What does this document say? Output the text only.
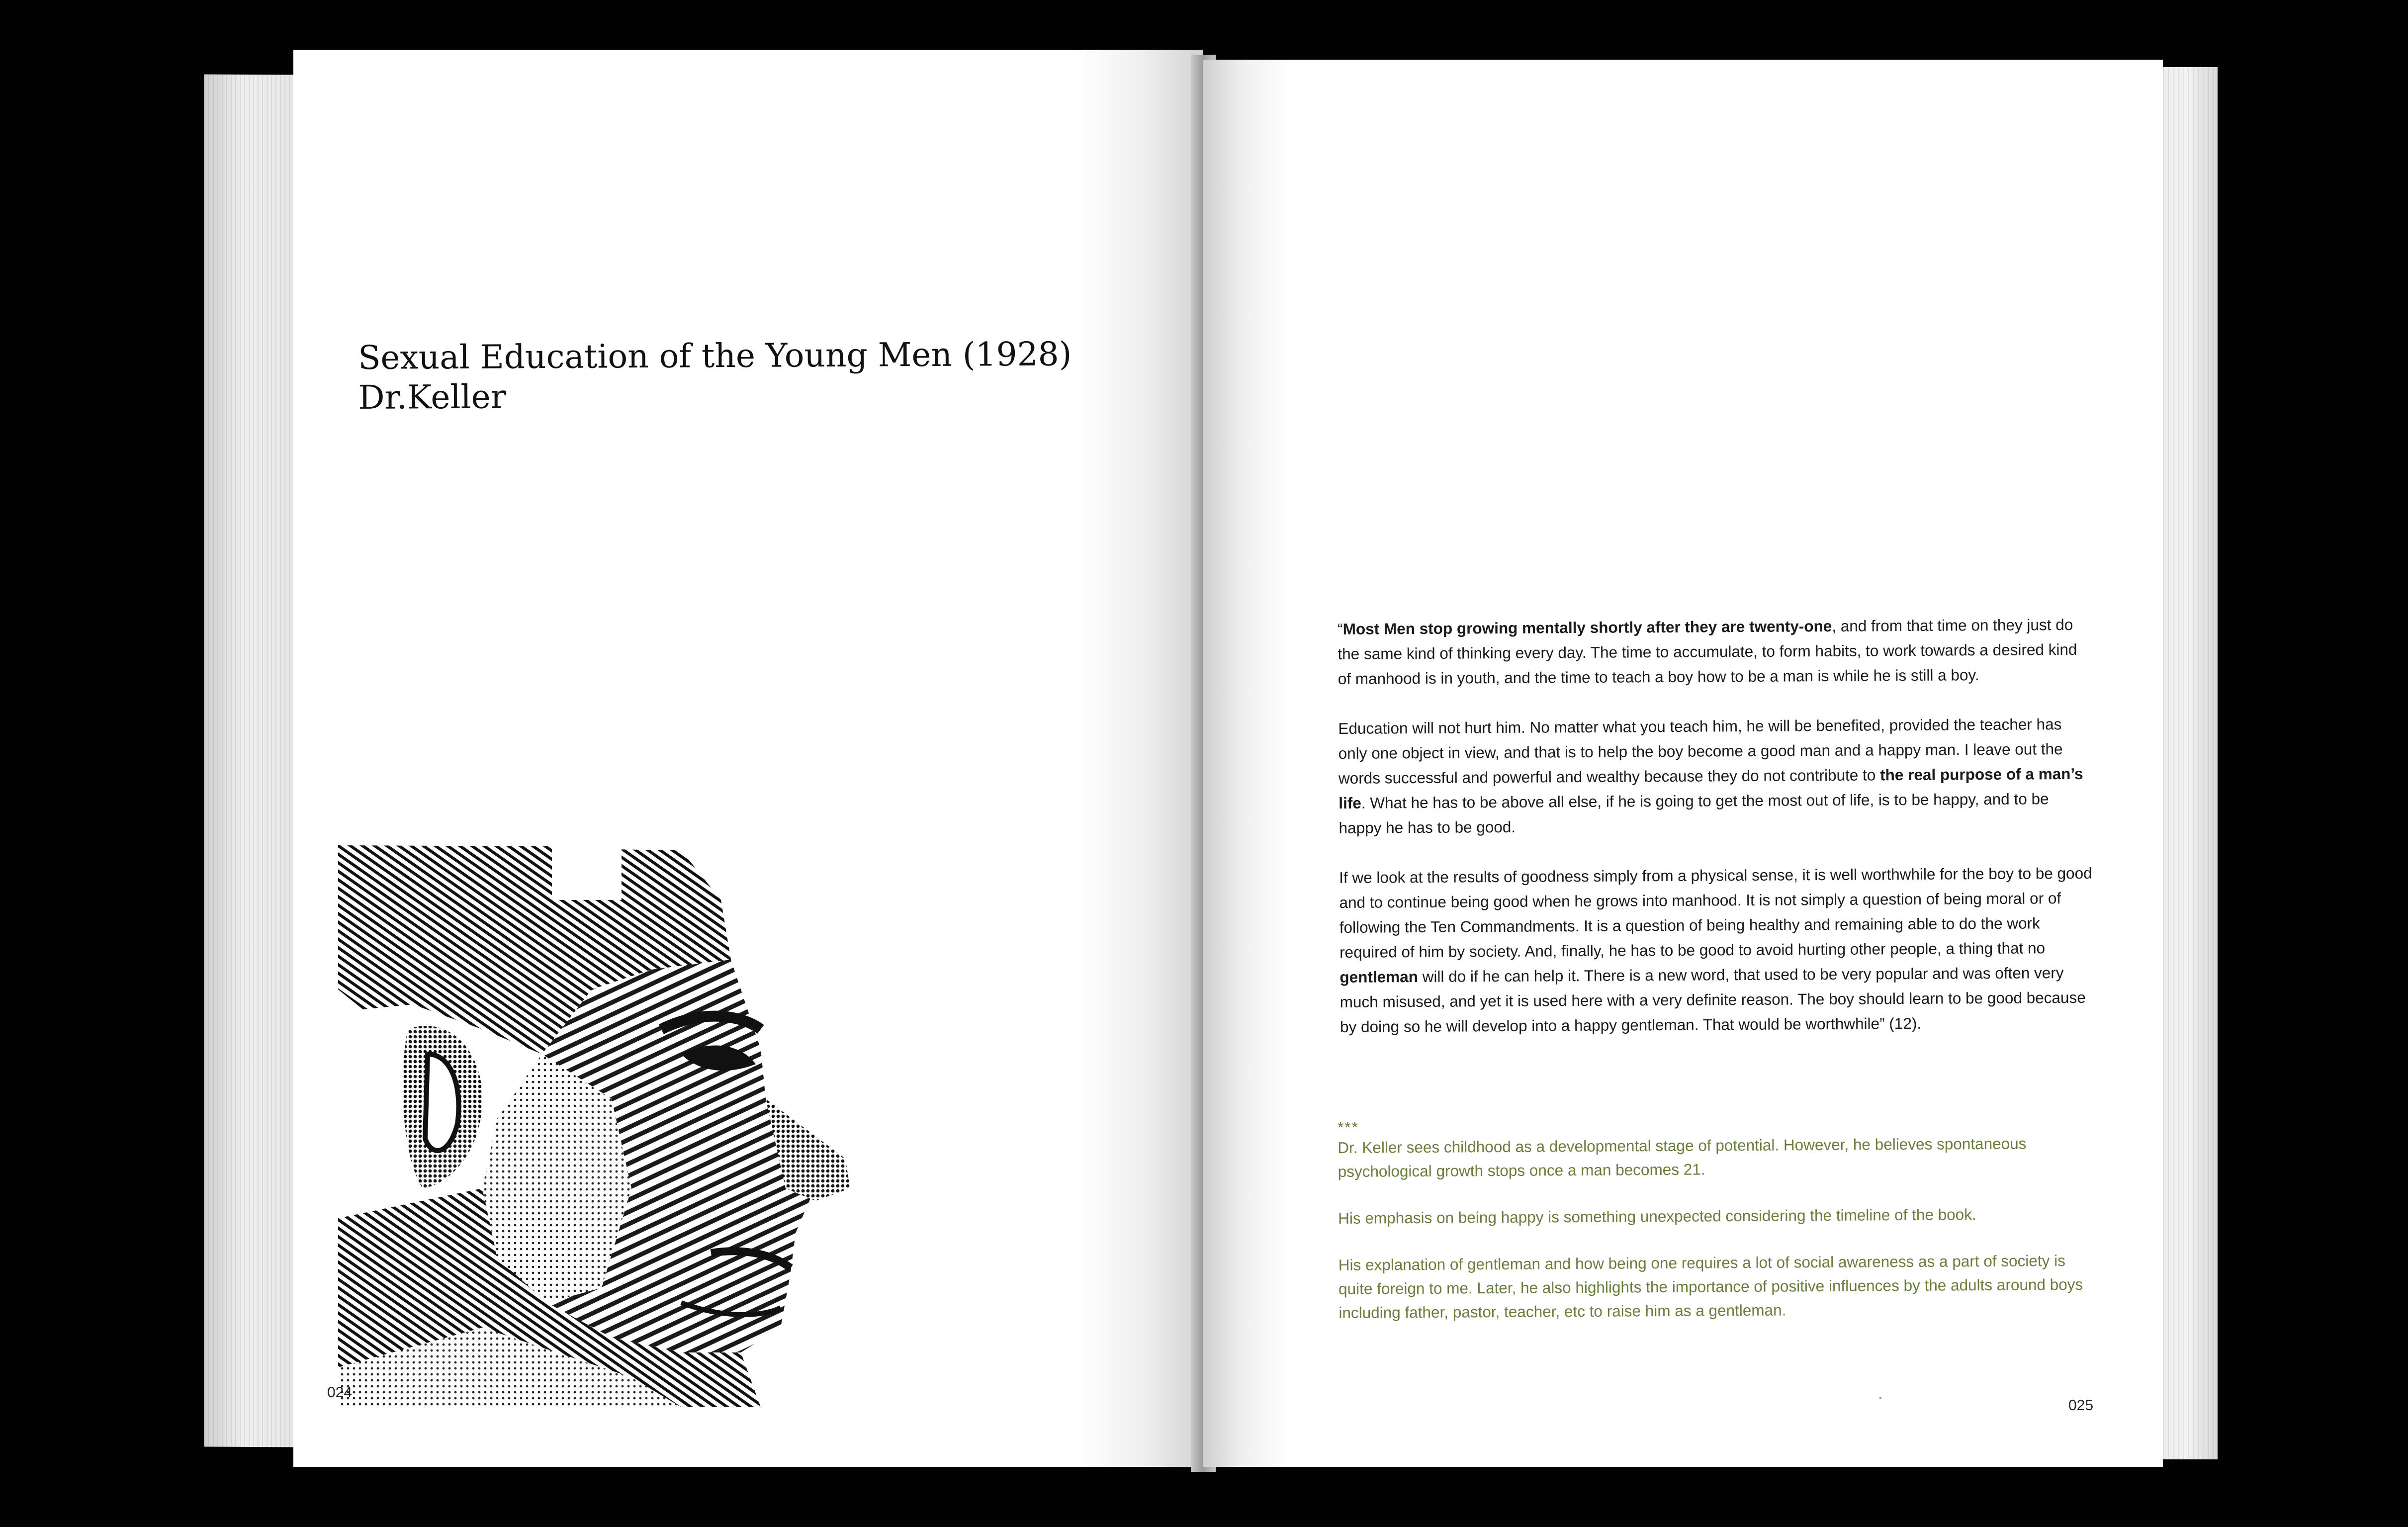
Sexual Education of the Young Men (1928)
Dr.Keller
024

“Most Men stop growing mentally shortly after they are twenty-one, and from that time on they just do the same kind of thinking every day. The time to accumulate, to form habits, to work towards a desired kind of manhood is in youth, and the time to teach a boy how to be a man is while he is still a boy.

Education will not hurt him. No matter what you teach him, he will be benefited, provided the teacher has only one object in view, and that is to help the boy become a good man and a happy man. I leave out the words successful and powerful and wealthy because they do not contribute to the real purpose of a man’s life. What he has to be above all else, if he is going to get the most out of life, is to be happy, and to be happy he has to be good.

If we look at the results of goodness simply from a physical sense, it is well worthwhile for the boy to be good and to continue being good when he grows into manhood. It is not simply a question of being moral or of following the Ten Commandments. It is a question of being healthy and remaining able to do the work required of him by society. And, finally, he has to be good to avoid hurting other people, a thing that no gentleman will do if he can help it. There is a new word, that used to be very popular and was often very much misused, and yet it is used here with a very definite reason. The boy should learn to be good because by doing so he will develop into a happy gentleman. That would be worthwhile” (12).

***

Dr. Keller sees childhood as a developmental stage of potential. However, he believes spontaneous psychological growth stops once a man becomes 21.

His emphasis on being happy is something unexpected considering the timeline of the book.

His explanation of gentleman and how being one requires a lot of social awareness as a part of society is quite foreign to me. Later, he also highlights the importance of positive influences by the adults around boys including father, pastor, teacher, etc to raise him as a gentleman.

025
